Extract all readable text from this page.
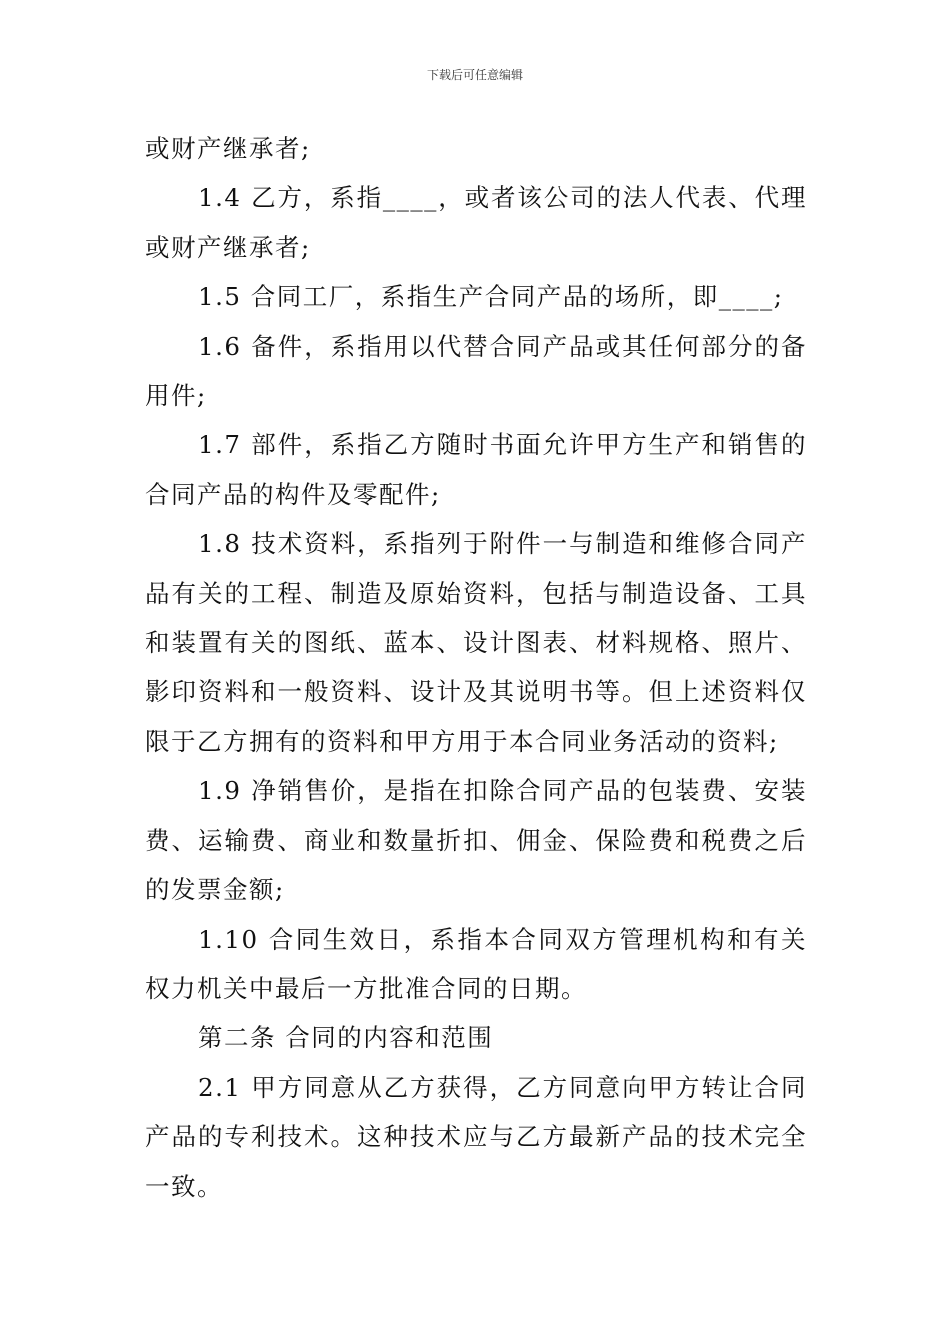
下载后可任意编辑

或财产继承者;

1.4 乙方，系指____，或者该公司的法人代表、代理或财产继承者;

1.5 合同工厂，系指生产合同产品的场所，即____;

1.6 备件，系指用以代替合同产品或其任何部分的备用件;

1.7 部件，系指乙方随时书面允许甲方生产和销售的合同产品的构件及零配件;

1.8 技术资料，系指列于附件一与制造和维修合同产品有关的工程、制造及原始资料，包括与制造设备、工具和装置有关的图纸、蓝本、设计图表、材料规格、照片、影印资料和一般资料、设计及其说明书等。但上述资料仅限于乙方拥有的资料和甲方用于本合同业务活动的资料;

1.9 净销售价，是指在扣除合同产品的包装费、安装费、运输费、商业和数量折扣、佣金、保险费和税费之后的发票金额;

1.10 合同生效日，系指本合同双方管理机构和有关权力机关中最后一方批准合同的日期。

第二条 合同的内容和范围

2.1 甲方同意从乙方获得，乙方同意向甲方转让合同产品的专利技术。这种技术应与乙方最新产品的技术完全一致。
